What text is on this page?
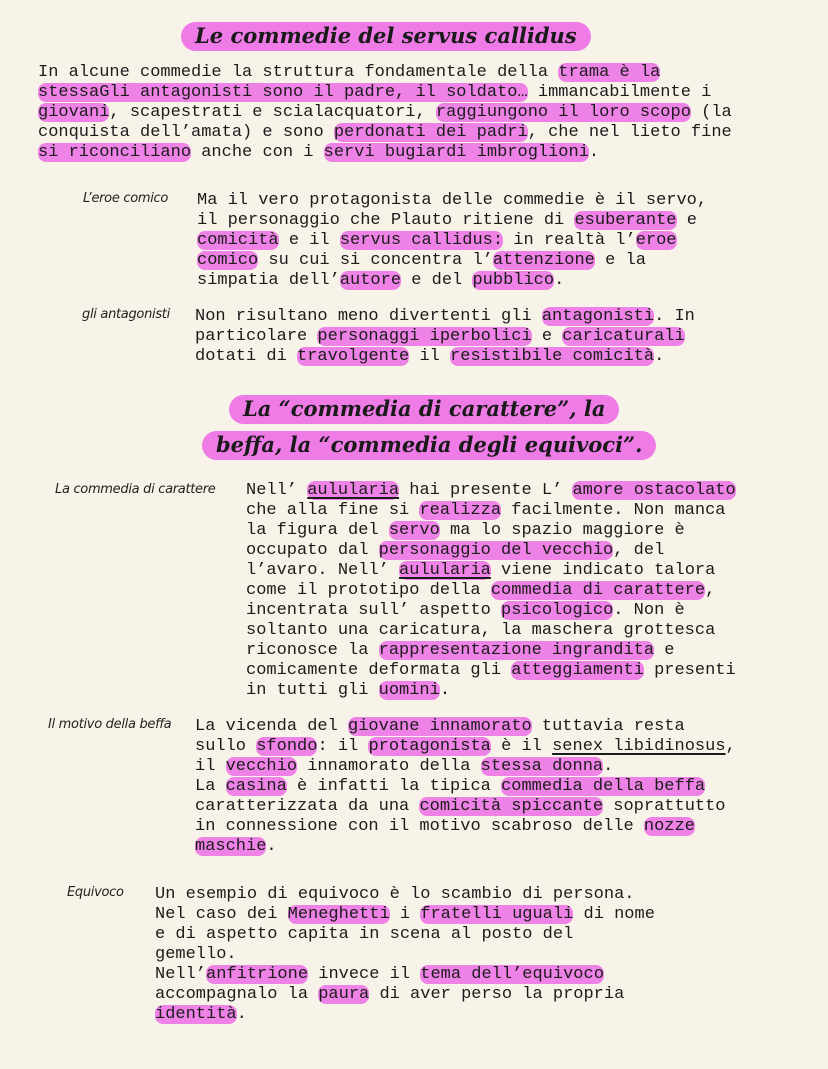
Le commedie del servus callidus
In alcune commedie la struttura fondamentale della trama è la
stessaGli antagonisti sono il padre, il soldato… immancabilmente i
giovani, scapestrati e scialacquatori, raggiungono il loro scopo (la
conquista dell’amata) e sono perdonati dei padri, che nel lieto fine
si riconciliano anche con i servi bugiardi imbroglioni.
L’eroe comico Ma il vero protagonista delle commedie è il servo,
il personaggio che Plauto ritiene di esuberante e
comicità e il servus callidus: in realtà l’eroe
comico su cui si concentra l’attenzione e la
simpatia dell’autore e del pubblico.
gli antagonisti Non risultano meno divertenti gli antagonisti. In
particolare personaggi iperbolici e caricaturali
dotati di travolgente il resistibile comicità.
La “commedia di carattere”, la
beffa, la “commedia degli equivoci”.
La commedia di carattere Nell’ aulularia hai presente L’ amore ostacolato
che alla fine si realizza facilmente. Non manca
la figura del servo ma lo spazio maggiore è
occupato dal personaggio del vecchio, del
l’avaro. Nell’ aulularia viene indicato talora
come il prototipo della commedia di carattere,
incentrata sull’ aspetto psicologico. Non è
soltanto una caricatura, la maschera grottesca
riconosce la rappresentazione ingrandita e
comicamente deformata gli atteggiamenti presenti
in tutti gli uomini.
Il motivo della beffa La vicenda del giovane innamorato tuttavia resta
sullo sfondo: il protagonista è il senex libidinosus,
il vecchio innamorato della stessa donna.
La casina è infatti la tipica commedia della beffa
caratterizzata da una comicità spiccante soprattutto
in connessione con il motivo scabroso delle nozze
maschie.
Equivoco Un esempio di equivoco è lo scambio di persona.
Nel caso dei Meneghetti i fratelli uguali di nome
e di aspetto capita in scena al posto del
gemello.
Nell’anfitrione invece il tema dell’equivoco
accompagnalo la paura di aver perso la propria
identità.
